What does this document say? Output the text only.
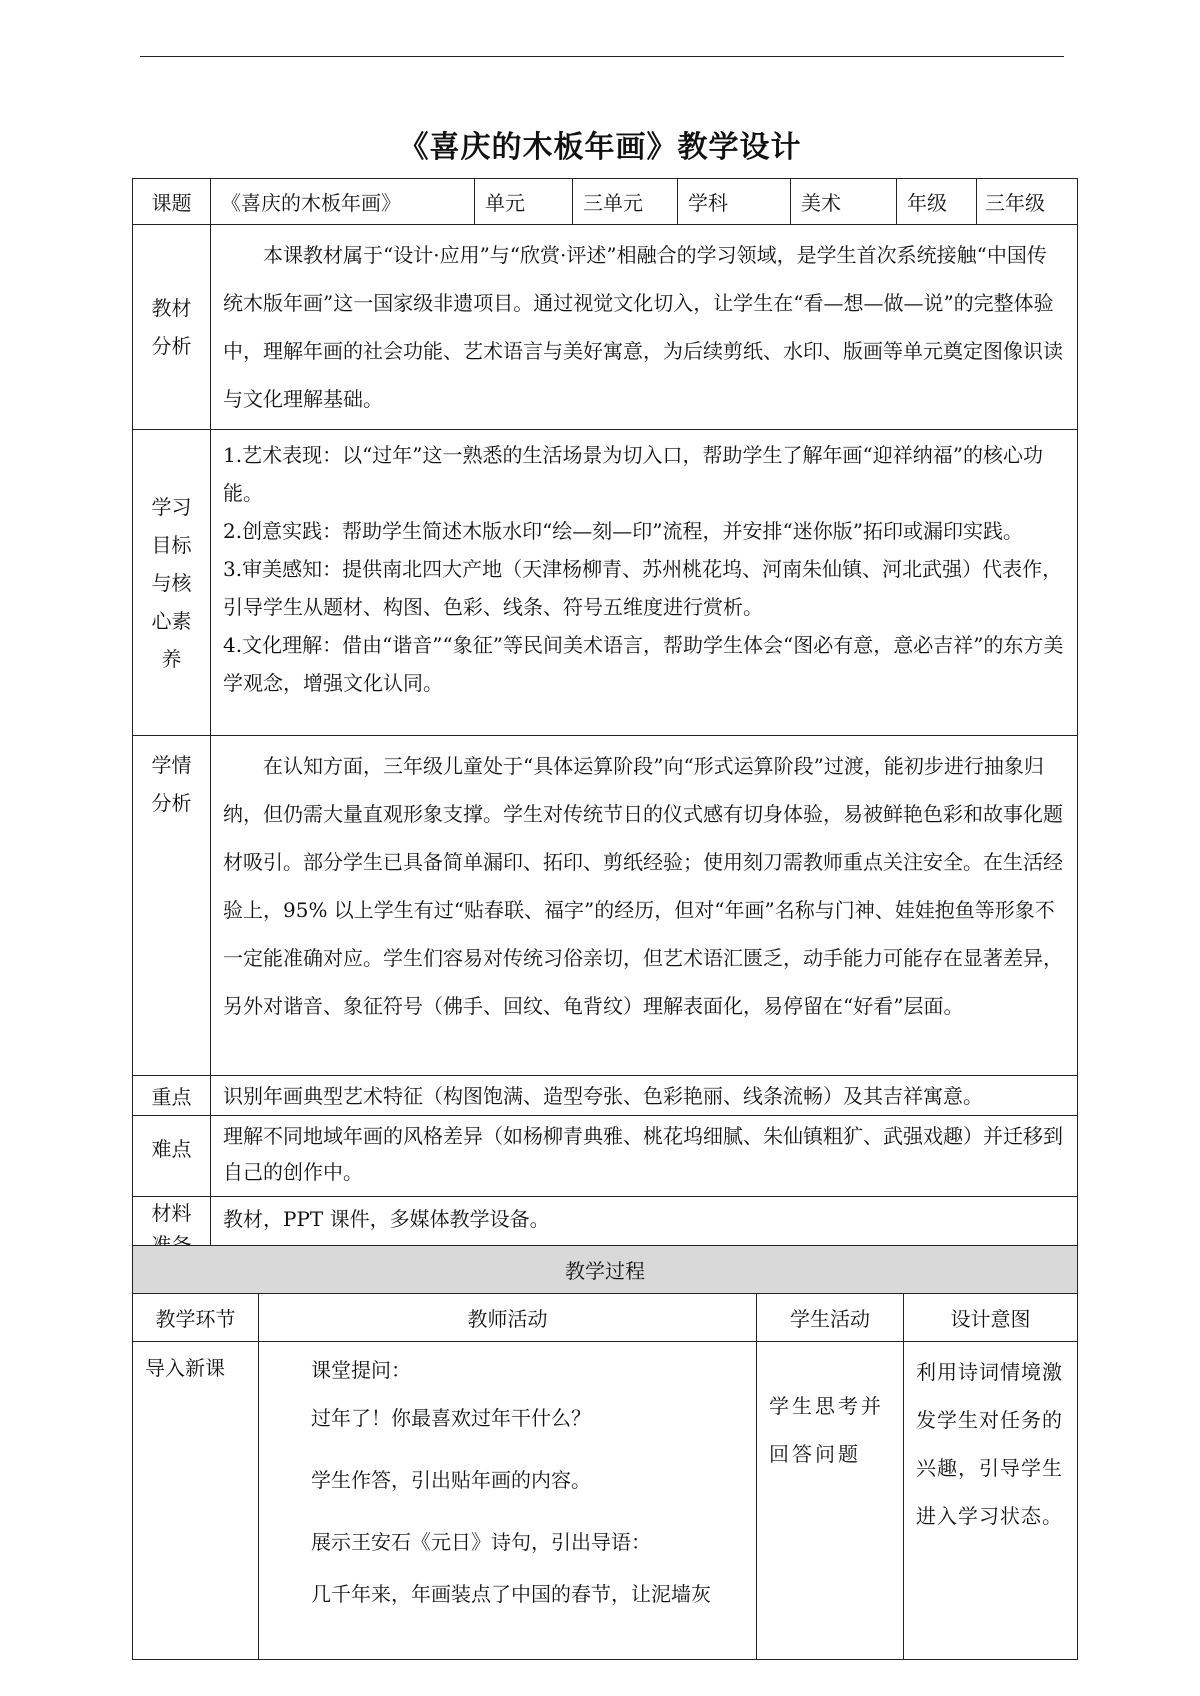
《喜庆的木板年画》教学设计
课题	《喜庆的木板年画》	单元	三单元	学科	美术	年级	三年级
教材分析	本课教材属于“设计·应用”与“欣赏·评述”相融合的学习领域，是学生首次系统接触“中国传统木版年画”这一国家级非遗项目。通过视觉文化切入，让学生在“看—想—做—说”的完整体验中，理解年画的社会功能、艺术语言与美好寓意，为后续剪纸、水印、版画等单元奠定图像识读与文化理解基础。						

学习目标与核心素养	1.艺术表现：以“过年”这一熟悉的生活场景为切入口，帮助学生了解年画“迎祥纳福”的核心功能。
2.创意实践：帮助学生简述木版水印“绘—刻—印”流程，并安排“迷你版”拓印或漏印实践。
3.审美感知：提供南北四大产地（天津杨柳青、苏州桃花坞、河南朱仙镇、河北武强）代表作，引导学生从题材、构图、色彩、线条、符号五维度进行赏析。
4.文化理解：借由“谐音”“象征”等民间美术语言，帮助学生体会“图必有意，意必吉祥”的东方美学观念，增强文化认同。						

学情分析	在认知方面，三年级儿童处于“具体运算阶段”向“形式运算阶段”过渡，能初步进行抽象归纳，但仍需大量直观形象支撑。学生对传统节日的仪式感有切身体验，易被鲜艳色彩和故事化题材吸引。部分学生已具备简单漏印、拓印、剪纸经验；使用刻刀需教师重点关注安全。在生活经验上，95% 以上学生有过“贴春联、福字”的经历，但对“年画”名称与门神、娃娃抱鱼等形象不一定能准确对应。学生们容易对传统习俗亲切，但艺术语汇匮乏，动手能力可能存在显著差异，另外对谐音、象征符号（佛手、回纹、龟背纹）理解表面化，易停留在“好看”层面。						

重点	识别年画典型艺术特征（构图饱满、造型夸张、色彩艳丽、线条流畅）及其吉祥寓意。						

难点	理解不同地域年画的风格差异（如杨柳青典雅、桃花坞细腻、朱仙镇粗犷、武强戏趣）并迁移到自己的创作中。						

材料	教材，PPT 课件，多媒体教学设备。						
教学过程			
教学环节	教师活动	学生活动	设计意图

导入新课	课堂提问：

过年了！你最喜欢过年干什么？

学生作答，引出贴年画的内容。

展示王安石《元日》诗句，引出导语：

几千年来，年画装点了中国的春节，让泥墙灰	学生思考并回答问题	利用诗词情境激发学生对任务的兴趣，引导学生进入学习状态。
